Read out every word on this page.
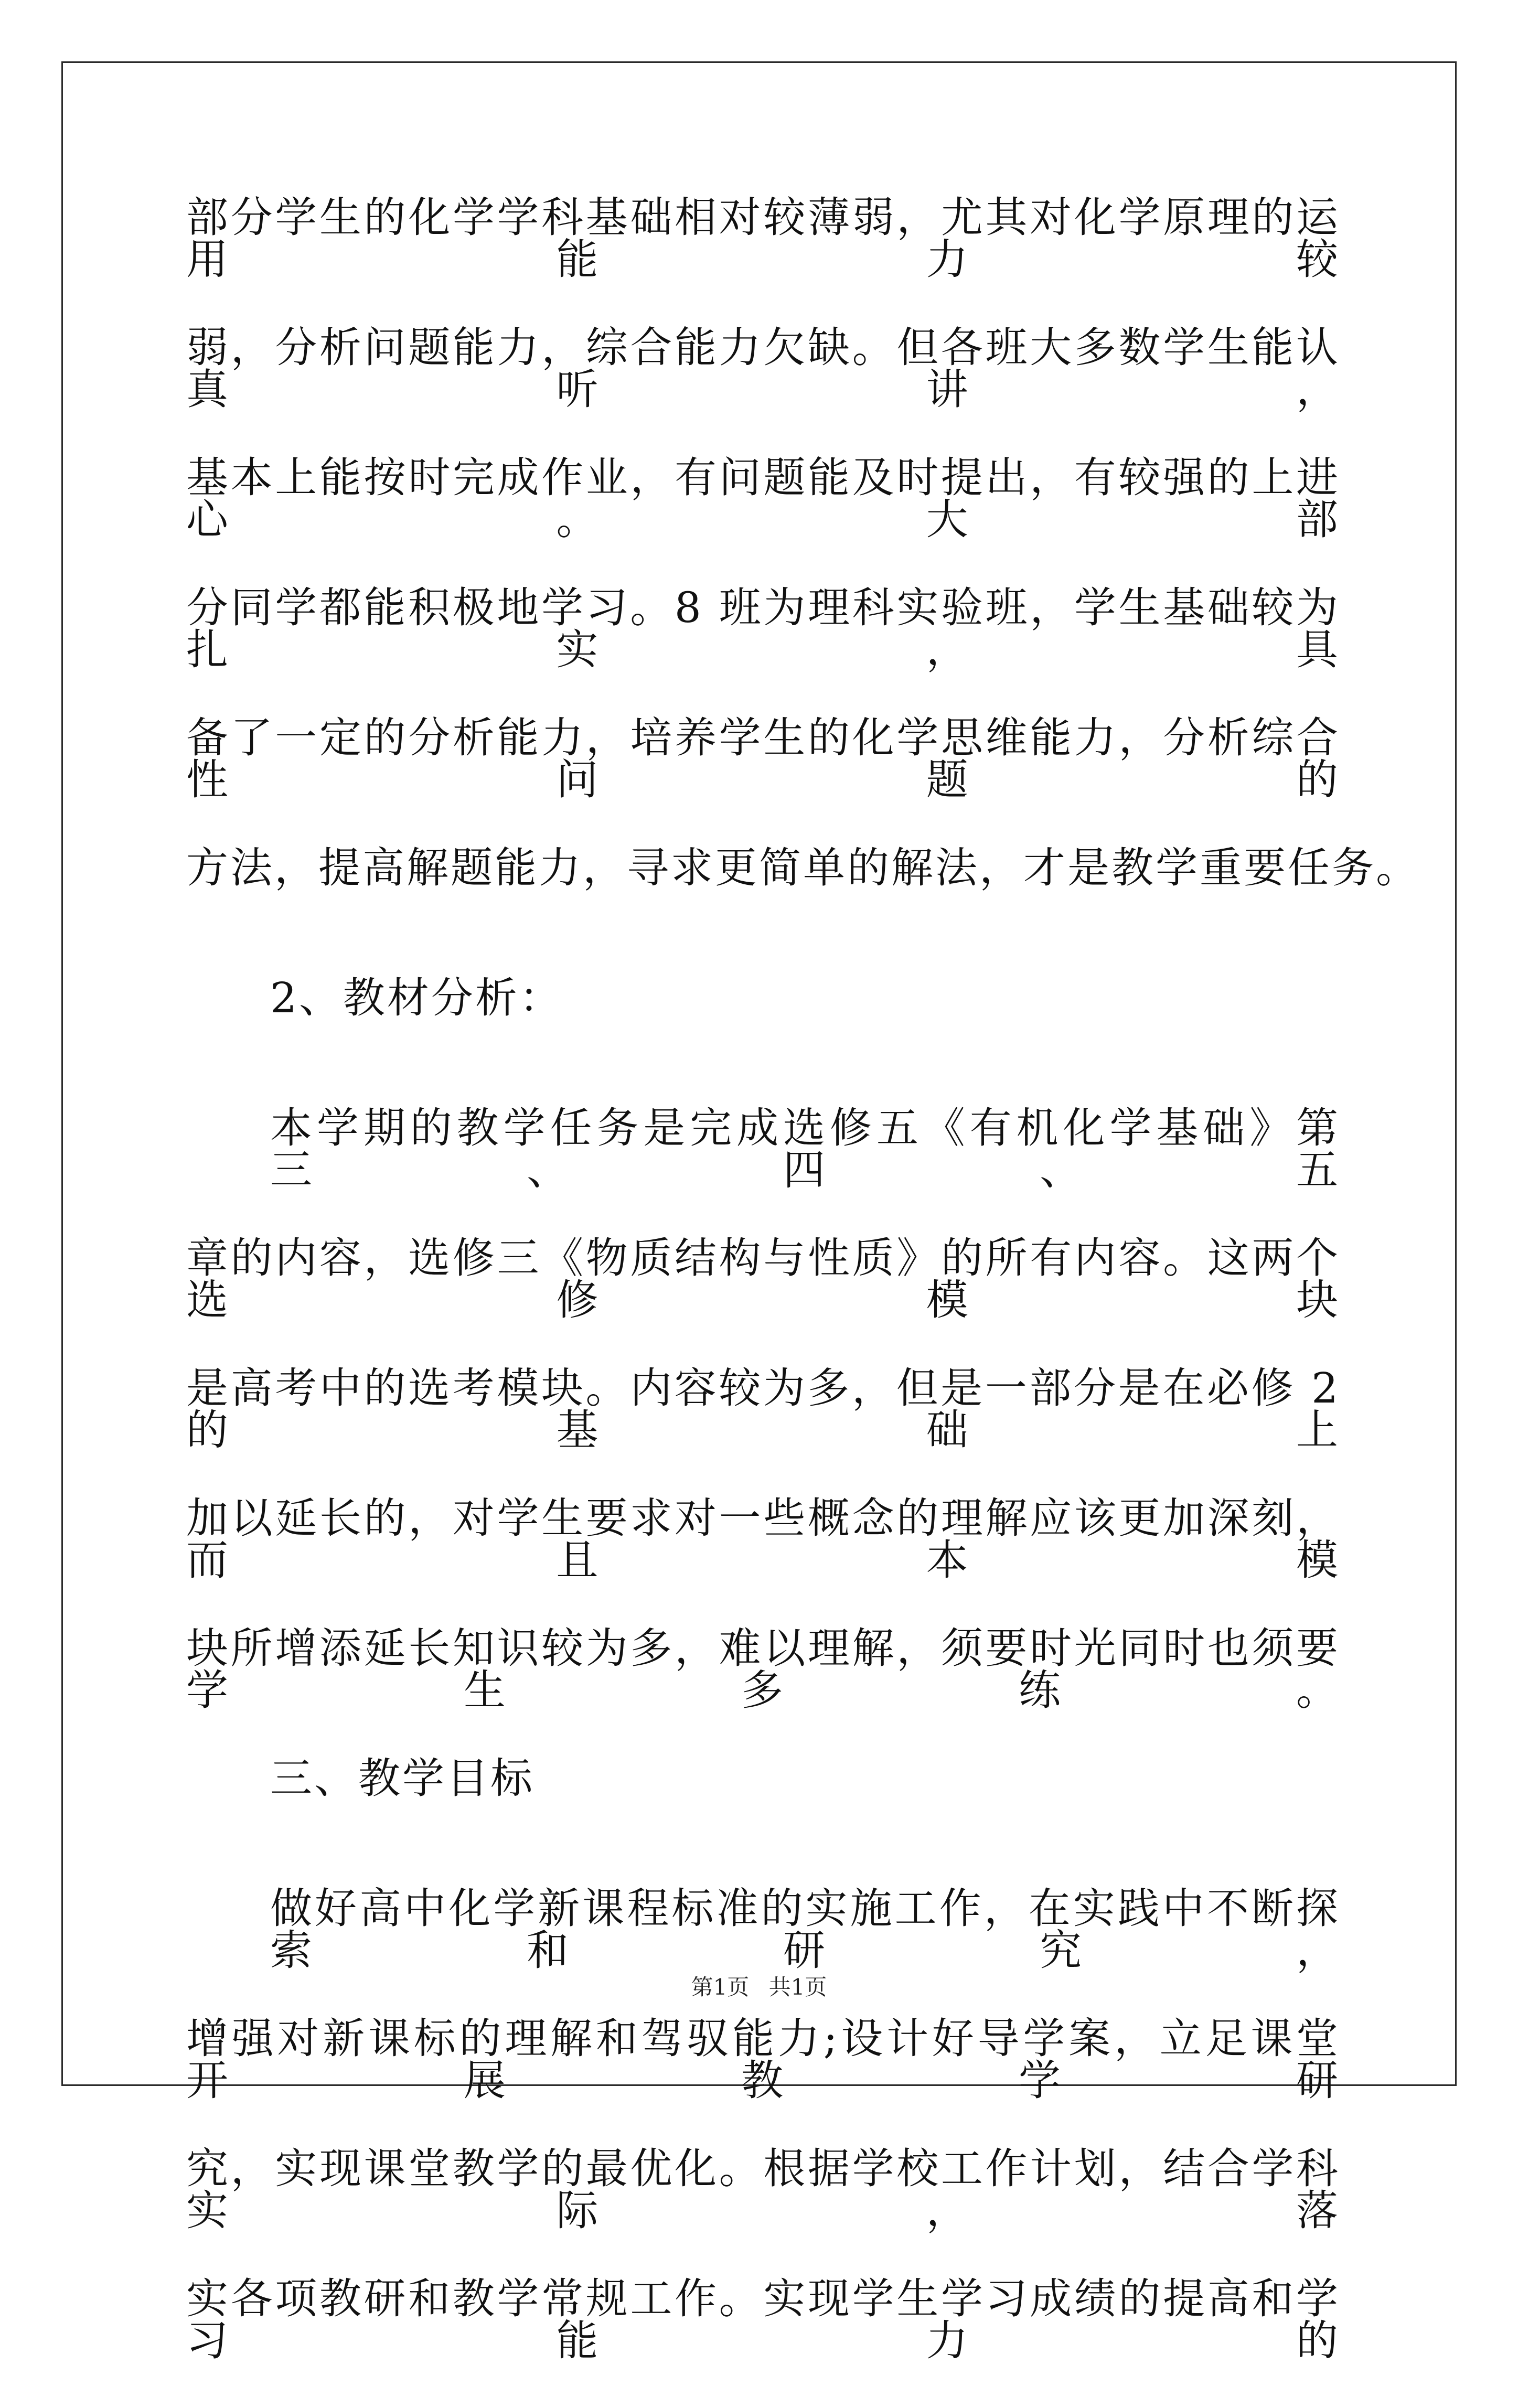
部分学生的化学学科基础相对较薄弱，尤其对化学原理的运用能力较
弱，分析问题能力，综合能力欠缺。但各班大多数学生能认真听讲，
基本上能按时完成作业，有问题能及时提出，有较强的上进心。大部
分同学都能积极地学习。8 班为理科实验班，学生基础较为扎实，具
备了一定的分析能力，培养学生的化学思维能力，分析综合性问题的
方法，提高解题能力，寻求更简单的解法，才是教学重要任务。
2、教材分析：
本学期的教学任务是完成选修五《有机化学基础》第三、四、五
章的内容，选修三《物质结构与性质》的所有内容。这两个选修模块
是高考中的选考模块。内容较为多，但是一部分是在必修 2 的基础上
加以延长的，对学生要求对一些概念的理解应该更加深刻，而且本模
块所增添延长知识较为多，难以理解，须要时光同时也须要学生多练。
三、教学目标
做好高中化学新课程标准的实施工作，在实践中不断探索和研究，
增强对新课标的理解和驾驭能力;设计好导学案，立足课堂开展教学研
究，实现课堂教学的最优化。根据学校工作计划，结合学科实际，落
实各项教研和教学常规工作。实现学生学习成绩的提高和学习能力的
第1页 共1页
